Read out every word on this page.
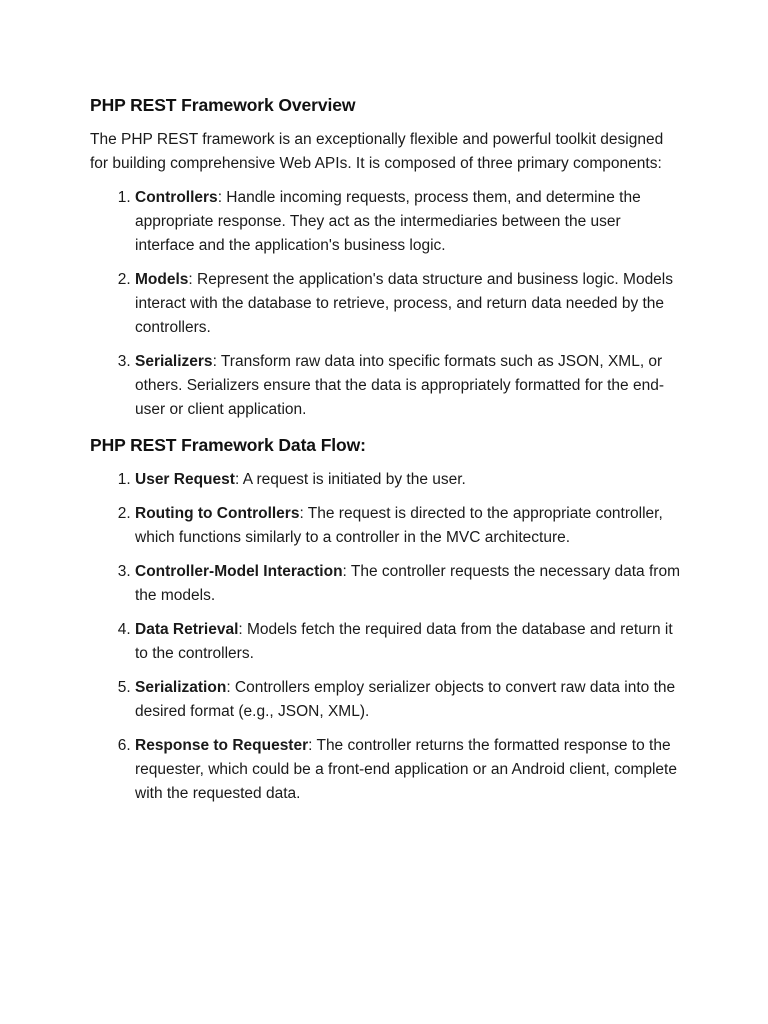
PHP REST Framework Overview

The PHP REST framework is an exceptionally flexible and powerful toolkit designed for building comprehensive Web APIs. It is composed of three primary components:

1. Controllers: Handle incoming requests, process them, and determine the appropriate response. They act as the intermediaries between the user interface and the application's business logic.
2. Models: Represent the application's data structure and business logic. Models interact with the database to retrieve, process, and return data needed by the controllers.
3. Serializers: Transform raw data into specific formats such as JSON, XML, or others. Serializers ensure that the data is appropriately formatted for the end-user or client application.
PHP REST Framework Data Flow:
1. User Request: A request is initiated by the user.
2. Routing to Controllers: The request is directed to the appropriate controller, which functions similarly to a controller in the MVC architecture.
3. Controller-Model Interaction: The controller requests the necessary data from the models.
4. Data Retrieval: Models fetch the required data from the database and return it to the controllers.
5. Serialization: Controllers employ serializer objects to convert raw data into the desired format (e.g., JSON, XML).
6. Response to Requester: The controller returns the formatted response to the requester, which could be a front-end application or an Android client, complete with the requested data.
